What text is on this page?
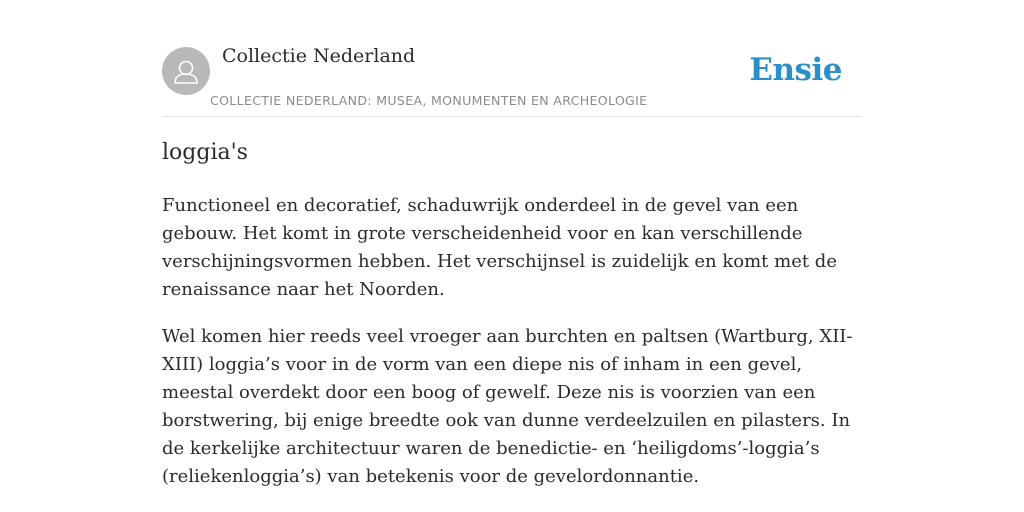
Collectie Nederland
COLLECTIE NEDERLAND: MUSEA, MONUMENTEN EN ARCHEOLOGIE
Ensie
loggia's

Functioneel en decoratief, schaduwrijk onderdeel in de gevel van een gebouw. Het komt in grote verscheidenheid voor en kan verschillende verschijningsvormen hebben. Het verschijnsel is zuidelijk en komt met de renaissance naar het Noorden.

Wel komen hier reeds veel vroeger aan burchten en paltsen (Wartburg, XII-XIII) loggia’s voor in de vorm van een diepe nis of inham in een gevel, meestal overdekt door een boog of gewelf. Deze nis is voorzien van een borstwering, bij enige breedte ook van dunne verdeelzuilen en pilasters. In de kerkelijke architectuur waren de benedictie- en ‘heiligdoms’-loggia’s (reliekenloggia’s) van betekenis voor de gevelordonnantie.
